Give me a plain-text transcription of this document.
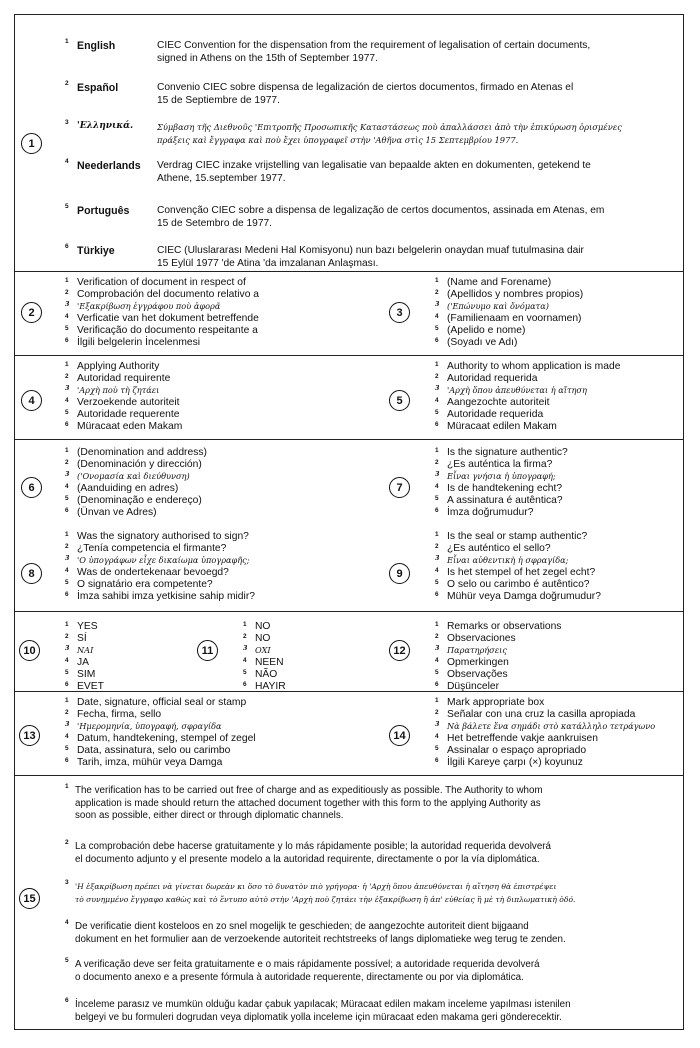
1
1 English	CIEC Convention for the dispensation from the requirement of legalisation of certain documents,
signed in Athens on the 15th of September 1977.
2 Español	Convenio CIEC sobre dispensa de legalización de ciertos documentos, firmado en Atenas el
15 de Septiembre de 1977.
3 'Ελληνικά.	Σύμβαση τῆς Διεθνοῦς 'Επιτροπῆς Προσωπικῆς Καταστάσεως ποὺ ἀπαλλάσσει ἀπὸ τὴν ἐπικύρωση ὁρισμένες
πράξεις καὶ ἔγγραφα καὶ ποὺ ἔχει ὑπογραφεῖ στὴν 'Αθῆνα στὶς 15 Σεπτεμβρίου 1977.
4 Neederlands Verdrag CIEC inzake vrijstelling van legalisatie van bepaalde akten en dokumenten, getekend te
Athene, 15.september 1977.
5 Português	Convenção CIEC sobre a dispensa de legalização de certos documentos, assinada em Atenas, em
15 de Setembro de 1977.
6 Türkiye	CIEC (Uluslararası Medeni Hal Komisyonu) nun bazı belgelerin onaydan muaf tutulmasina dair
15 Eylül 1977 'de Atina 'da imzalanan Anlaşması.
2	3
1 Verification of document in respect of
2 Comprobación del documento relativo a
3 'Εξακρίβωση ἐγγράφου ποὺ ἀφορᾶ
4 Verficatie van het dokument betreffende
5 Verificação do documento respeitante a
6 İlgili belgelerin İncelenmesi
1 (Name and Forename)
2 (Apellidos y nombres propios)
3 ('Επώνυμο καὶ ὄνόματα)
4 (Familienaam en voornamen)
5 (Apelido e nome)
6 (Soyadı ve Adı)
4	5
1 Applying Authority
2 Autoridad requirente
3 'Αρχὴ ποὺ τὴ ζητάει
4 Verzoekende autoriteit
5 Autoridade requerente
6 Müracaat eden Makam
1 Authority to whom application is made
2 Autoridad requerida
3 'Αρχὴ ὅπου ἀπευθύνεται ἡ αἴτηση
4 Aangezochte autoriteit
5 Autoridade requerida
6 Müracaat edilen Makam
6	7
8	9
1 (Denomination and address)
2 (Denominación y dirección)
3 ('Ονομασία καὶ διεύθυνση)
4 (Aanduiding en adres)
5 (Denominação e endereço)
6 (Ünvan ve Adres)
1 Is the signature authentic?
2 ¿Es auténtica la firma?
3 Εἶναι γνήσια ἡ ὑπογραφή;
4 Is de handtekening echt?
5 A assinatura é autêntica?
6 İmza doğrumudur?
1 Was the signatory authorised to sign?
2 ¿Tenía competencia el firmante?
3 'Ο ὑπογράφων εἶχε δικαίωμα ὑπογραφῆς;
4 Was de ondertekenaar bevoegd?
5 O signatário era competente?
6 İmza sahibi imza yetkisine sahip midir?
1 Is the seal or stamp authentic?
2 ¿Es auténtico el sello?
3 Εἶναι αὐθεντικὴ ἡ σφραγίδα;
4 Is het stempel of het zegel echt?
5 O selo ou carimbo é autêntico?
6 Mühür veya Damga doğrumudur?
10	11	12
1 YES
2 SÍ
3 NAI
4 JA
5 SIM
6 EVET
1 NO
2 NO
3 OXI
4 NEEN
5 NÃO
6 HAYIR
1 Remarks or observations
2 Observaciones
3 Παρατηρήσεις
4 Opmerkingen
5 Observações
6 Düşünceler
13	14
1 Date, signature, official seal or stamp
2 Fecha, firma, sello
3 'Ημερομηνία, ὑπογραφή, σφραγίδα
4 Datum, handtekening, stempel of zegel
5 Data, assinatura, selo ou carimbo
6 Tarih, imza, mühür veya Damga
1 Mark appropriate box
2 Señalar con una cruz la casilla apropiada
3 Νὰ βάλετε ἕνα σημάδι στὸ κατάλληλο τετράγωνο
4 Het betreffende vakje aankruisen
5 Assinalar o espaço apropriado
6 İlgili Kareye çarpı (×) koyunuz
15
1 The verification has to be carried out free of charge and as expeditiously as possible. The Authority to whom
application is made should return the attached document together with this form to the applying Authority as
soon as possible, either direct or through diplomatic channels.
2 La comprobación debe hacerse gratuitamente y lo más rápidamente posible; la autoridad requerida devolverá
el documento adjunto y el presente modelo a la autoridad requirente, directamente o por la vía diplomática.
3 'Η ἐξακρίβωση πρέπει νὰ γίνεται δωρεὰν κι ὅσο τὸ δυνατὸν πιὸ γρήγορα· ἡ 'Αρχὴ ὅπου ἀπευθύνεται ἡ αἴτηση θὰ ἐπιστρέψει
τὸ συνημμένο ἔγγραφο καθὼς καὶ τὸ ἔντυπο αὐτὸ στὴν 'Αρχὴ ποὺ ζητάει τὴν ἐξακρίβωση ἢ ἀπ' εὐθείας ἢ μὲ τὴ διπλωματικὴ ὁδό.
4 De verificatie dient kosteloos en zo snel mogelijk te geschieden; de aangezochte autoriteit dient bijgaand
dokument en het formulier aan de verzoekende autoriteit rechtstreeks of langs diplomatieke weg terug te zenden.
5 A verificação deve ser feita gratuitamente e o mais rápidamente possível; a autoridade requerida devolverá
o documento anexo e a presente fórmula à autoridade requerente, directamente ou por via diplomática.
6 İnceleme parasız ve mumkün olduğu kadar çabuk yapılacak; Müracaat edilen makam inceleme yapılması istenilen
belgeyi ve bu formuleri dogrudan veya diplomatik yolla inceleme için müracaat eden makama geri gönderecektir.
